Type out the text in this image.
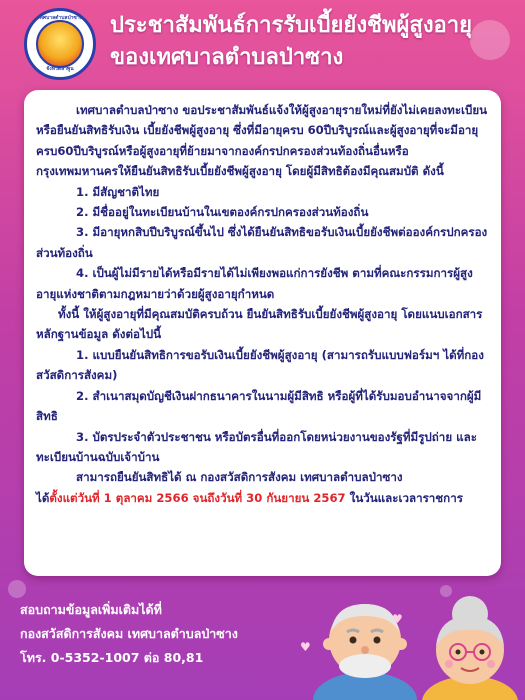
เทศบาลตำบลป่าซาง
จังหวัดลำพูน
ประชาสัมพันธ์การรับเบี้ยยังชีพผู้สูงอายุ
ของเทศบาลตำบลป่าซาง

เทศบาลตำบลป่าซาง ขอประชาสัมพันธ์แจ้งให้ผู้สูงอายุรายใหม่ที่ยังไม่เคยลงทะเบียนหรือยืนยันสิทธิรับเงิน เบี้ยยังชีพผู้สูงอายุ ซึ่งที่มีอายุครบ 60ปีบริบูรณ์และผู้สูงอายุที่จะมีอายุครบ60ปีบริบูรณ์หรือผู้สูงอายุที่ย้ายมาจากองค์กรปกครองส่วนท้องถิ่นอื่นหรือกรุงเทพมหานครให้ยืนยันสิทธิรับเบี้ยยังชีพผู้สูงอายุ โดยผู้มีสิทธิต้องมีคุณสมบัติ ดังนี้

1. มีสัญชาติไทย

2. มีชื่ออยู่ในทะเบียนบ้านในเขตองค์กรปกครองส่วนท้องถิ่น

3. มีอายุหกสิบปีบริบูรณ์ขึ้นไป ซึ่งได้ยืนยันสิทธิขอรับเงินเบี้ยยังชีพต่อองค์กรปกครองส่วนท้องถิ่น

4. เป็นผู้ไม่มีรายได้หรือมีรายได้ไม่เพียงพอแก่การยังชีพ ตามที่คณะกรรมการผู้สูงอายุแห่งชาติตามกฎหมายว่าด้วยผู้สูงอายุกำหนด

ทั้งนี้ ให้ผู้สูงอายุที่มีคุณสมบัติครบถ้วน ยืนยันสิทธิรับเบี้ยยังชีพผู้สูงอายุ โดยแนบเอกสารหลักฐานข้อมูล ดังต่อไปนี้

1. แบบยืนยันสิทธิการขอรับเงินเบี้ยยังชีพผู้สูงอายุ (สามารถรับแบบฟอร์มฯ ได้ที่กองสวัสดิการสังคม)

2. สำเนาสมุดบัญชีเงินฝากธนาคารในนามผู้มีสิทธิ หรือผู้ที่ได้รับมอบอำนาจจากผู้มีสิทธิ

3. บัตรประจำตัวประชาชน หรือบัตรอื่นที่ออกโดยหน่วยงานของรัฐที่มีรูปถ่าย และทะเบียนบ้านฉบับเจ้าบ้าน

สามารถยืนยันสิทธิได้ ณ กองสวัสดิการสังคม เทศบาลตำบลป่าซาง

ได้ตั้งแต่วันที่ 1 ตุลาคม 2566 จนถึงวันที่ 30 กันยายน 2567 ในวันและเวลาราชการ

สอบถามข้อมูลเพิ่มเติมได้ที่
กองสวัสดิการสังคม เทศบาลตำบลป่าซาง
โทร. 0-5352-1007 ต่อ 80,81
♥
♥
